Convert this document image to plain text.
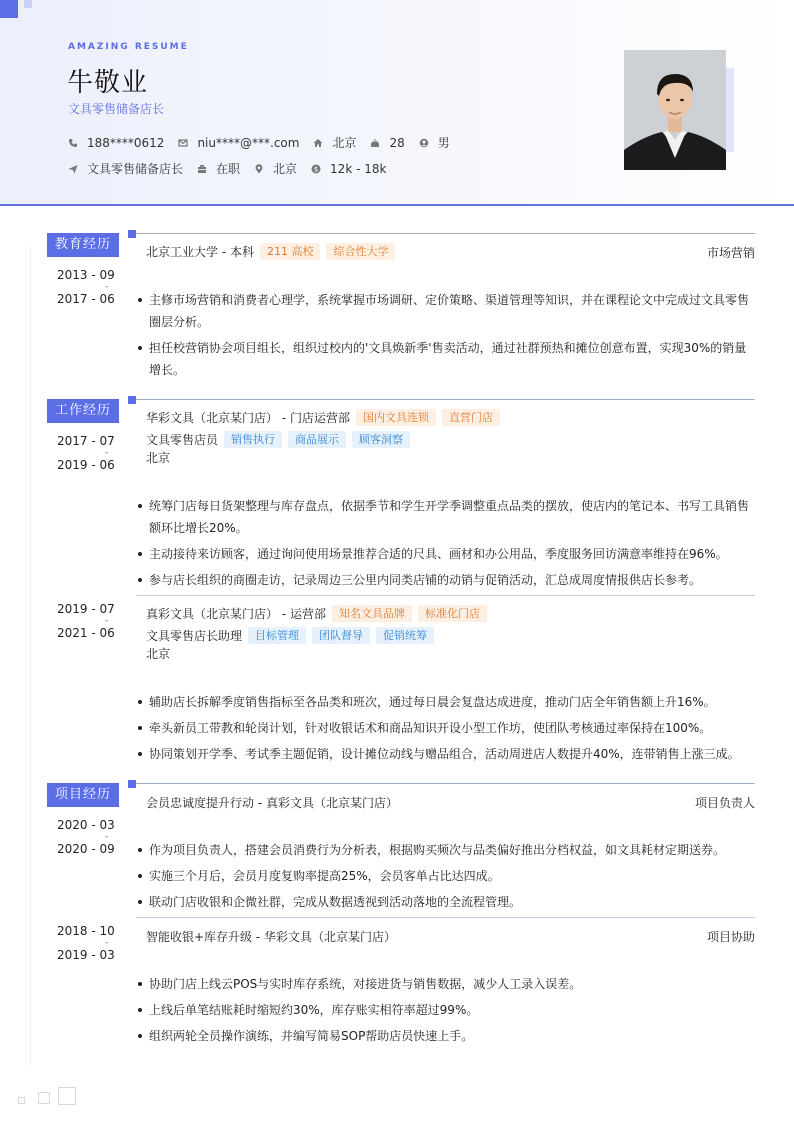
AMAZING RESUME
牛敬业
文具零售储备店长
188****0612	niu****@***.com	北京	28	男
文具零售储备店长	在职	北京 $ 12k - 18k
教育经历
2013 - 09
-
2017 - 06
北京工业大学 - 本科	211 高校	综合性大学	市场营销
主修市场营销和消费者心理学，系统掌握市场调研、定价策略、渠道管理等知识，并在课程论文中完成过文具零售圈层分析。
担任校营销协会项目组长，组织过校内的'文具焕新季'售卖活动，通过社群预热和摊位创意布置，实现30%的销量增长。
工作经历
2017 - 07
-
2019 - 06
华彩文具（北京某门店） - 门店运营部	国内文具连锁	直营门店
文具零售店员	销售执行	商品展示	顾客洞察
北京
统筹门店每日货架整理与库存盘点，依据季节和学生开学季调整重点品类的摆放，使店内的笔记本、书写工具销售额环比增长20%。
主动接待来访顾客，通过询问使用场景推荐合适的尺具、画材和办公用品，季度服务回访满意率维持在96%。
参与店长组织的商圈走访，记录周边三公里内同类店铺的动销与促销活动，汇总成周度情报供店长参考。
2019 - 07
-
2021 - 06
真彩文具（北京某门店） - 运营部	知名文具品牌	标准化门店
文具零售店长助理	目标管理	团队督导	促销统筹
北京
辅助店长拆解季度销售指标至各品类和班次，通过每日晨会复盘达成进度，推动门店全年销售额上升16%。
牵头新员工带教和轮岗计划，针对收银话术和商品知识开设小型工作坊，使团队考核通过率保持在100%。
协同策划开学季、考试季主题促销，设计摊位动线与赠品组合，活动周进店人数提升40%，连带销售上涨三成。
项目经历
2020 - 03
-
2020 - 09
会员忠诚度提升行动 - 真彩文具（北京某门店）	项目负责人
作为项目负责人，搭建会员消费行为分析表，根据购买频次与品类偏好推出分档权益，如文具耗材定期送券。
实施三个月后，会员月度复购率提高25%，会员客单占比达四成。
联动门店收银和企微社群，完成从数据透视到活动落地的全流程管理。
2018 - 10
-
2019 - 03
智能收银+库存升级 - 华彩文具（北京某门店）	项目协助
协助门店上线云POS与实时库存系统，对接进货与销售数据，减少人工录入误差。
上线后单笔结账耗时缩短约30%，库存账实相符率超过99%。
组织两轮全员操作演练，并编写简易SOP帮助店员快速上手。
